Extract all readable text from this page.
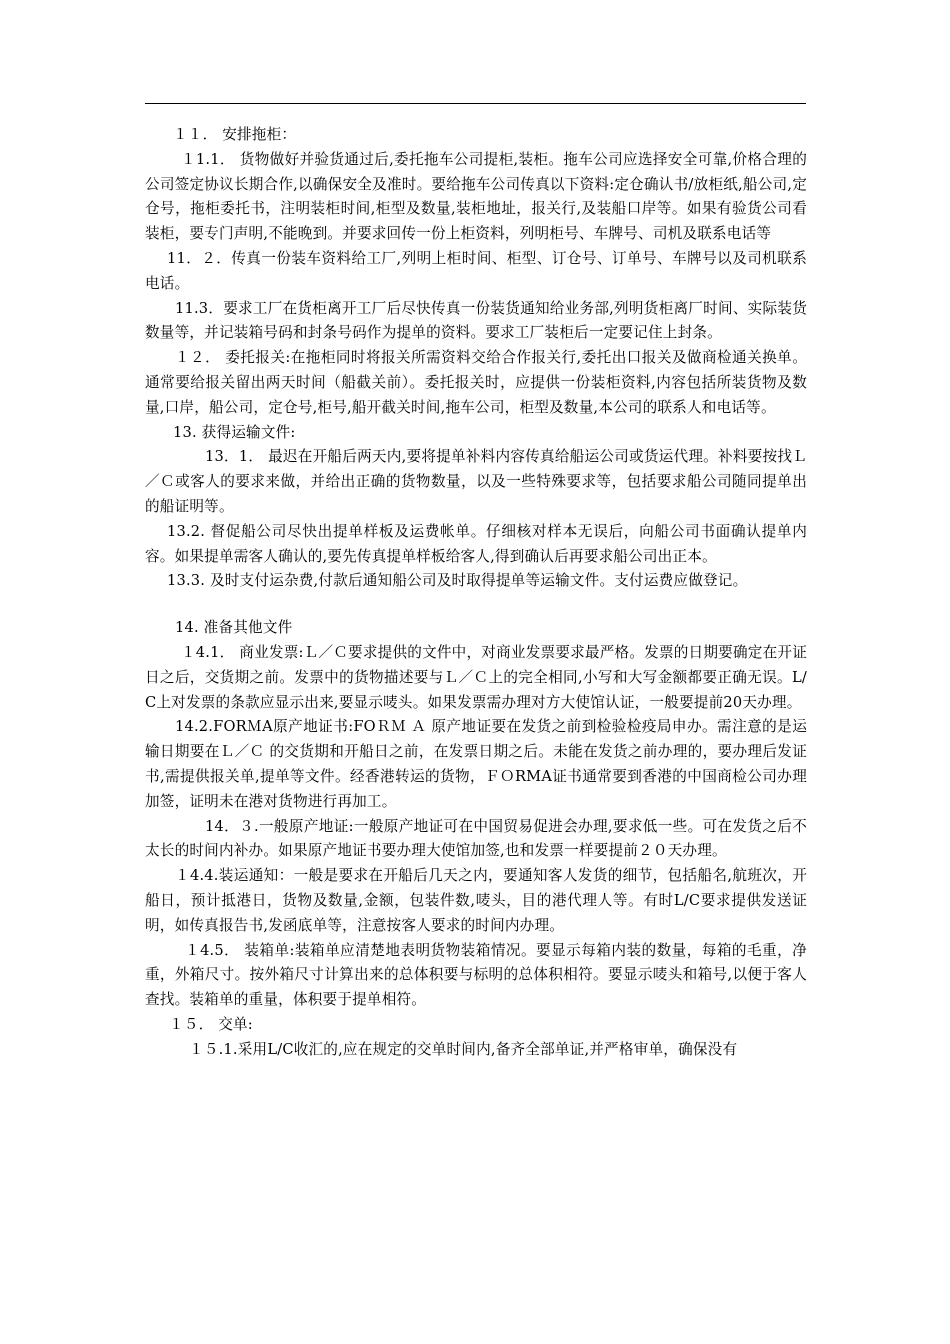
１１． 安排拖柜：

１1.1． 货物做好并验货通过后,委托拖车公司提柜,装柜。拖车公司应选择安全可靠,价格合理的公司签定协议长期合作,以确保安全及准时。要给拖车公司传真以下资料:定仓确认书/放柜纸,船公司,定仓号，拖柜委托书，注明装柜时间,柜型及数量,装柜地址，报关行,及装船口岸等。如果有验货公司看装柜，要专门声明,不能晚到。并要求回传一份上柜资料，列明柜号、车牌号、司机及联系电话等

11．２．传真一份装车资料给工厂,列明上柜时间、柜型、订仓号、订单号、车牌号以及司机联系电话。

11.3．要求工厂在货柜离开工厂后尽快传真一份装货通知给业务部,列明货柜离厂时间、实际装货数量等，并记装箱号码和封条号码作为提单的资料。要求工厂装柜后一定要记住上封条。

１２． 委托报关:在拖柜同时将报关所需资料交给合作报关行,委托出口报关及做商检通关换单。通常要给报关留出两天时间（船截关前）。委托报关时，应提供一份装柜资料,内容包括所装货物及数量,口岸，船公司，定仓号,柜号,船开截关时间,拖车公司，柜型及数量,本公司的联系人和电话等。

13. 获得运输文件:

13．1． 最迟在开船后两天内,要将提单补料内容传真给船运公司或货运代理。补料要按找Ｌ／Ｃ或客人的要求来做，并给出正确的货物数量，以及一些特殊要求等，包括要求船公司随同提单出的船证明等。

13.2. 督促船公司尽快出提单样板及运费帐单。仔细核对样本无误后，向船公司书面确认提单内容。如果提单需客人确认的,要先传真提单样板给客人,得到确认后再要求船公司出正本。

13.3. 及时支付运杂费,付款后通知船公司及时取得提单等运输文件。支付运费应做登记。

14. 准备其他文件

１4.1． 商业发票:Ｌ／Ｃ要求提供的文件中，对商业发票要求最严格。发票的日期要确定在开证日之后，交货期之前。发票中的货物描述要与Ｌ／Ｃ上的完全相同,小写和大写金额都要正确无误。L/C上对发票的条款应显示出来,要显示唛头。如果发票需办理对方大使馆认证，一般要提前20天办理。

14.2.FORＭA原产地证书:FOＲＭ Ａ 原产地证要在发货之前到检验检疫局申办。需注意的是运输日期要在Ｌ／Ｃ 的交货期和开船日之前，在发票日期之后。未能在发货之前办理的，要办理后发证书,需提供报关单,提单等文件。经香港转运的货物，ＦＯRMA证书通常要到香港的中国商检公司办理加签，证明未在港对货物进行再加工。

14．３.一般原产地证:一般原产地证可在中国贸易促进会办理,要求低一些。可在发货之后不太长的时间内补办。如果原产地证书要办理大使馆加签,也和发票一样要提前２０天办理。

１4.4.装运通知：一般是要求在开船后几天之内，要通知客人发货的细节，包括船名,航班次，开船日，预计抵港日，货物及数量,金额，包装件数,唛头，目的港代理人等。有时L/C要求提供发送证明，如传真报告书,发函底单等，注意按客人要求的时间内办理。

１4.5． 装箱单:装箱单应清楚地表明货物装箱情况。要显示每箱内装的数量，每箱的毛重，净重，外箱尺寸。按外箱尺寸计算出来的总体积要与标明的总体积相符。要显示唛头和箱号,以便于客人查找。装箱单的重量，体积要于提单相符。

１５． 交单:

１５.1.采用L/C收汇的,应在规定的交单时间内,备齐全部单证,并严格审单，确保没有
